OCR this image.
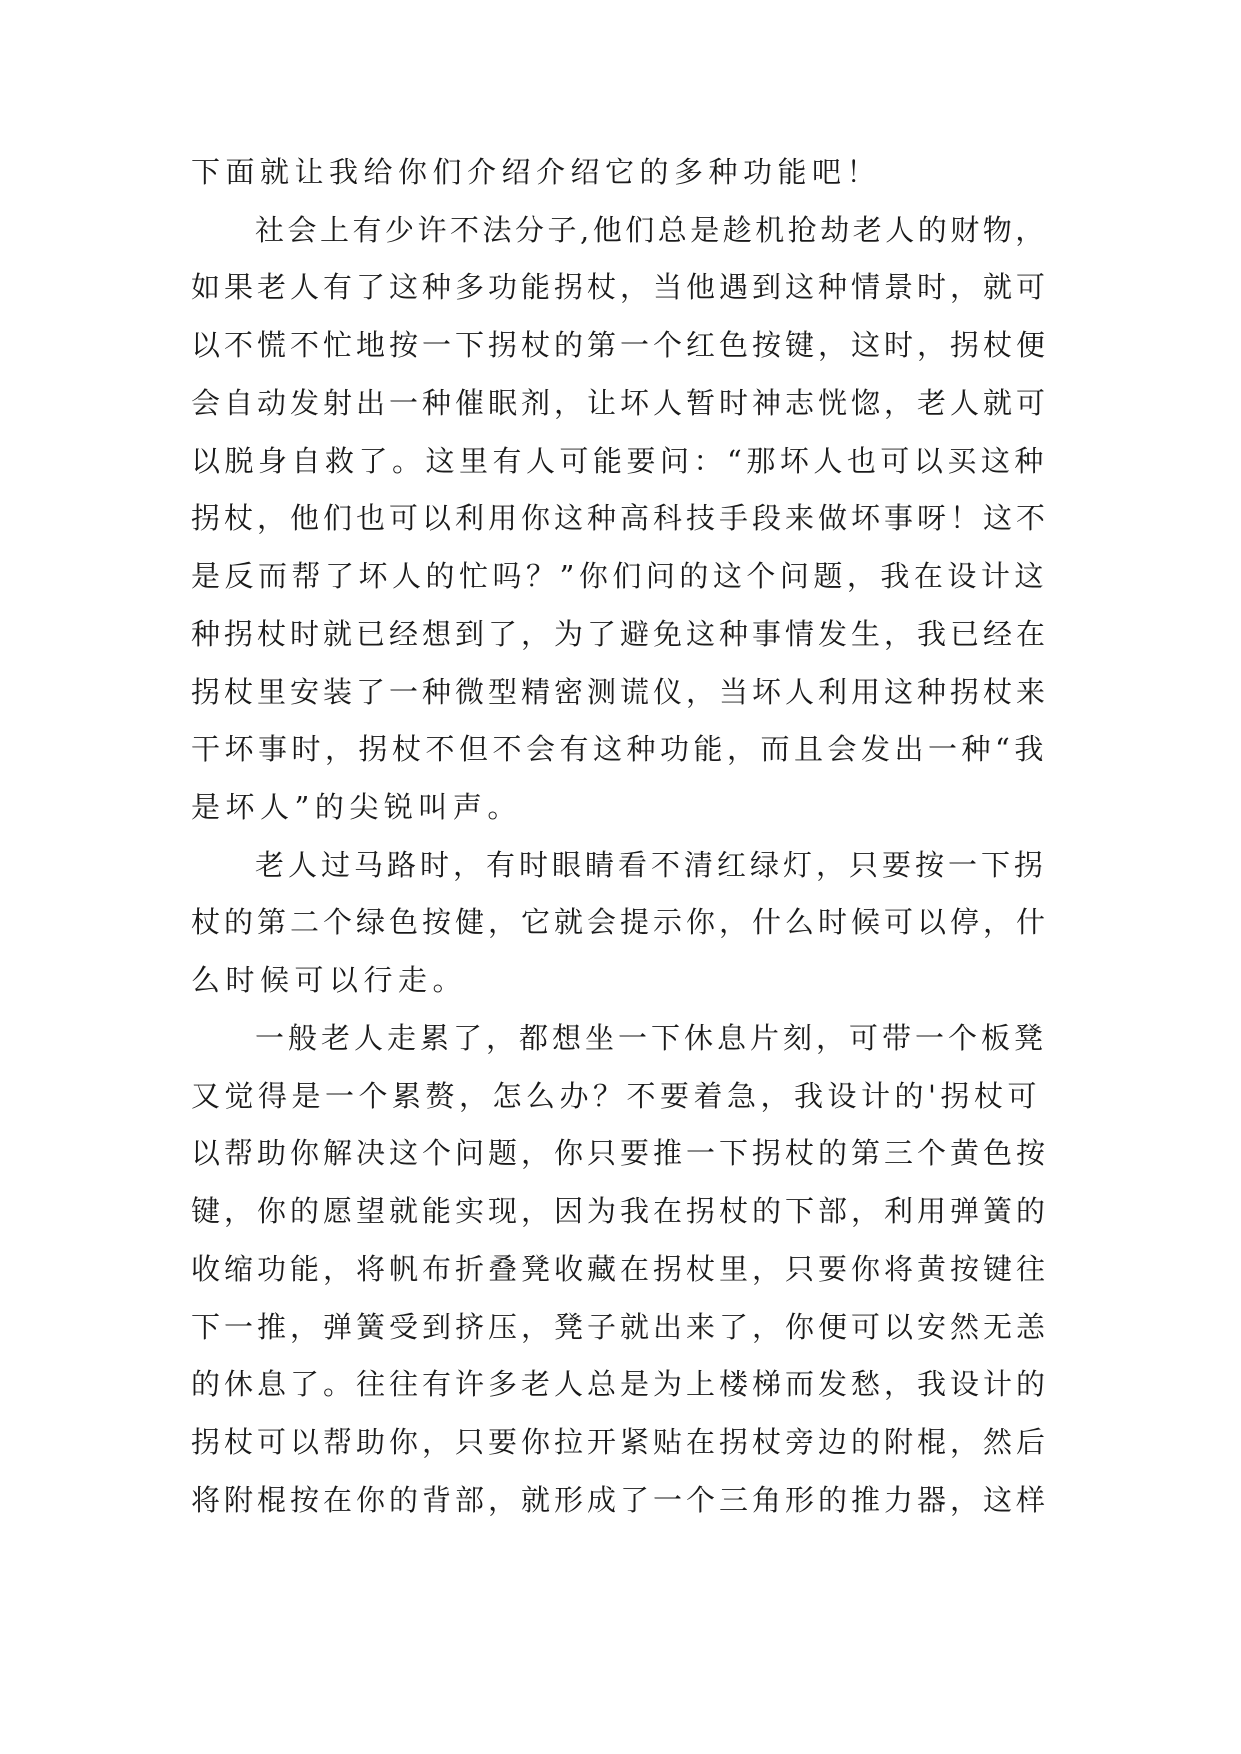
下面就让我给你们介绍介绍它的多种功能吧！
社会上有少许不法分子,他们总是趁机抢劫老人的财物，
如果老人有了这种多功能拐杖，当他遇到这种情景时，就可
以不慌不忙地按一下拐杖的第一个红色按键，这时，拐杖便
会自动发射出一种催眠剂，让坏人暂时神志恍惚，老人就可
以脱身自救了。这里有人可能要问：“那坏人也可以买这种
拐杖，他们也可以利用你这种高科技手段来做坏事呀！这不
是反而帮了坏人的忙吗？”你们问的这个问题，我在设计这
种拐杖时就已经想到了，为了避免这种事情发生，我已经在
拐杖里安装了一种微型精密测谎仪，当坏人利用这种拐杖来
干坏事时，拐杖不但不会有这种功能，而且会发出一种“我
是坏人”的尖锐叫声。
老人过马路时，有时眼睛看不清红绿灯，只要按一下拐
杖的第二个绿色按健，它就会提示你，什么时候可以停，什
么时候可以行走。
一般老人走累了，都想坐一下休息片刻，可带一个板凳
又觉得是一个累赘，怎么办？不要着急，我设计的'拐杖可
以帮助你解决这个问题，你只要推一下拐杖的第三个黄色按
键，你的愿望就能实现，因为我在拐杖的下部，利用弹簧的
收缩功能，将帆布折叠凳收藏在拐杖里，只要你将黄按键往
下一推，弹簧受到挤压，凳子就出来了，你便可以安然无恙
的休息了。往往有许多老人总是为上楼梯而发愁，我设计的
拐杖可以帮助你，只要你拉开紧贴在拐杖旁边的附棍，然后
将附棍按在你的背部，就形成了一个三角形的推力器，这样
